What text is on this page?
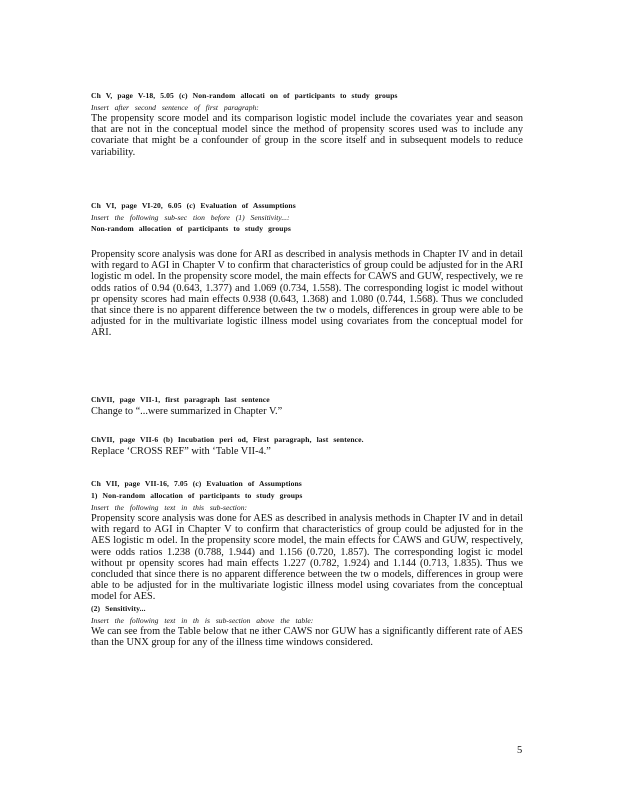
Ch V, page V-18, 5.05 (c) Non-random allocati on of participants to study groups
Insert after second sentence of first paragraph:

The propensity score model and its comparison logistic model include the covariates year and season that are not in the conceptual model since the method of propensity scores used was to include any covariate that might be a confounder of group in the score itself and in subsequent models to reduce variability.

Ch VI, page VI-20, 6.05 (c) Evaluation of Assumptions
Insert the following sub-sec tion before (1) Sensitivity...:
Non-random allocation of participants to study groups

Propensity score analysis was done for ARI as described in analysis methods in Chapter IV and in detail with regard to AGI in Chapter V to confirm that characteristics of group could be adjusted for in the ARI logistic m odel. In the propensity score model, the main effects for CAWS and GUW, respectively, we re odds ratios of 0.94 (0.643, 1.377) and 1.069 (0.734, 1.558). The corresponding logist ic model without pr opensity scores had main effects 0.938 (0.643, 1.368) and 1.080 (0.744, 1.568). Thus we concluded that since there is no apparent difference between the tw o models, differences in group were able to be adjusted for in the multivariate logistic illness model using covariates from the conceptual model for ARI.

ChVII, page VII-1, first paragraph last sentence
Change to “...were summarized in Chapter V.”
ChVII, page VII-6 (b) Incubation peri od, First paragraph, last sentence.
Replace ‘CROSS REF” with ‘Table VII-4.”
Ch VII, page VII-16, 7.05 (c) Evaluation of Assumptions
1) Non-random allocation of participants to study groups
Insert the following text in this sub-section:

Propensity score analysis was done for AES as described in analysis methods in Chapter IV and in detail with regard to AGI in Chapter V to confirm that characteristics of group could be adjusted for in the AES logistic m odel. In the propensity score model, the main effects for CAWS and GUW, respectively, were odds ratios 1.238 (0.788, 1.944) and 1.156 (0.720, 1.857). The corresponding logist ic model without pr opensity scores had main effects 1.227 (0.782, 1.924) and 1.144 (0.713, 1.835). Thus we concluded that since there is no apparent difference between the tw o models, differences in group were able to be adjusted for in the multivariate logistic illness model using covariates from the conceptual model for AES.

(2) Sensitivity...
Insert the following text in th is sub-section above the table:

We can see from the Table below that ne ither CAWS nor GUW has a significantly different rate of AES than the UNX group for any of the illness time windows considered.

5
